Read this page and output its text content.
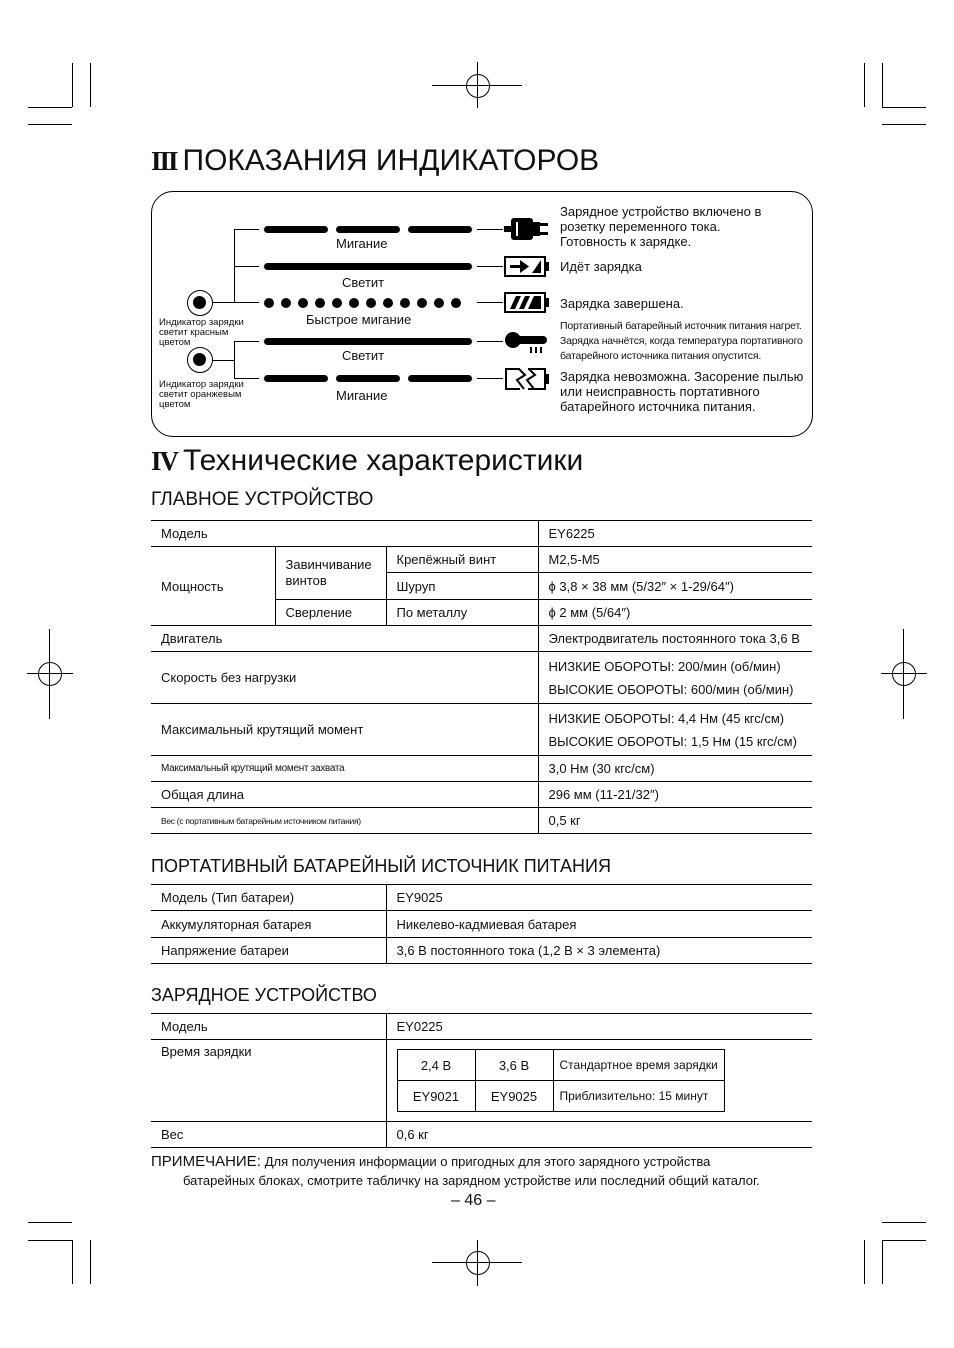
III ПОКАЗАНИЯ ИНДИКАТОРОВ
Индикатор зарядки
светит красным
цветом
Индикатор зарядки
светит оранжевым
цветом
Мигание
Светит
Быстрое мигание
Светит
Мигание
Зарядное устройство включено в
розетку переменного тока.
Готовность к зарядке.
Идёт зарядка
Зарядка завершена.
Портативный батарейный источник питания нагрет.
Зарядка начнётся, когда температура портативного
батарейного источника питания опустится.
Зарядка невозможна. Засорение пылью
или неисправность портативного
батарейного источника питания.
IV Технические характеристики
ГЛАВНОЕ УСТРОЙСТВО
Модель			EY6225
Мощность	Завинчивание винтов	Крепёжный винт	M2,5-M5
		Шуруп	ϕ 3,8 × 38 мм (5/32″ × 1-29/64″)
	Сверление	По металлу	ϕ 2 мм (5/64″)
Двигатель			Электродвигатель постоянного тока 3,6 В
Скорость без нагрузки			НИЗКИЕ ОБОРОТЫ: 200/мин (об/мин)
ВЫСОКИЕ ОБОРОТЫ: 600/мин (об/мин)

Максимальный крутящий момент			НИЗКИЕ ОБОРОТЫ: 4,4 Нм (45 кгс/см)
ВЫСОКИЕ ОБОРОТЫ: 1,5 Нм (15 кгс/см)

Максимальный крутящий момент захвата			3,0 Нм (30 кгс/см)
Общая длина			296 мм (11-21/32″)
Вес (с портативным батарейным источником питания)			0,5 кг
ПОРТАТИВНЫЙ БАТАРЕЙНЫЙ ИСТОЧНИК ПИТАНИЯ
Модель (Тип батареи)	EY9025
Аккумуляторная батарея	Никелево-кадмиевая батарея
Напряжение батареи	3,6 В постоянного тока (1,2 В × 3 элемента)
ЗАРЯДНОЕ УСТРОЙСТВО
Модель	EY0225
Время зарядки	
2,4 В	3,6 В	Стандартное время зарядки
EY9021	EY9025	Приблизительно: 15 минут

Вес	0,6 кг
ПРИМЕЧАНИЕ: Для получения информации о пригодных для этого зарядного устройства
батарейных блоках, смотрите табличку на зарядном устройстве или последний общий каталог.
– 46 –
